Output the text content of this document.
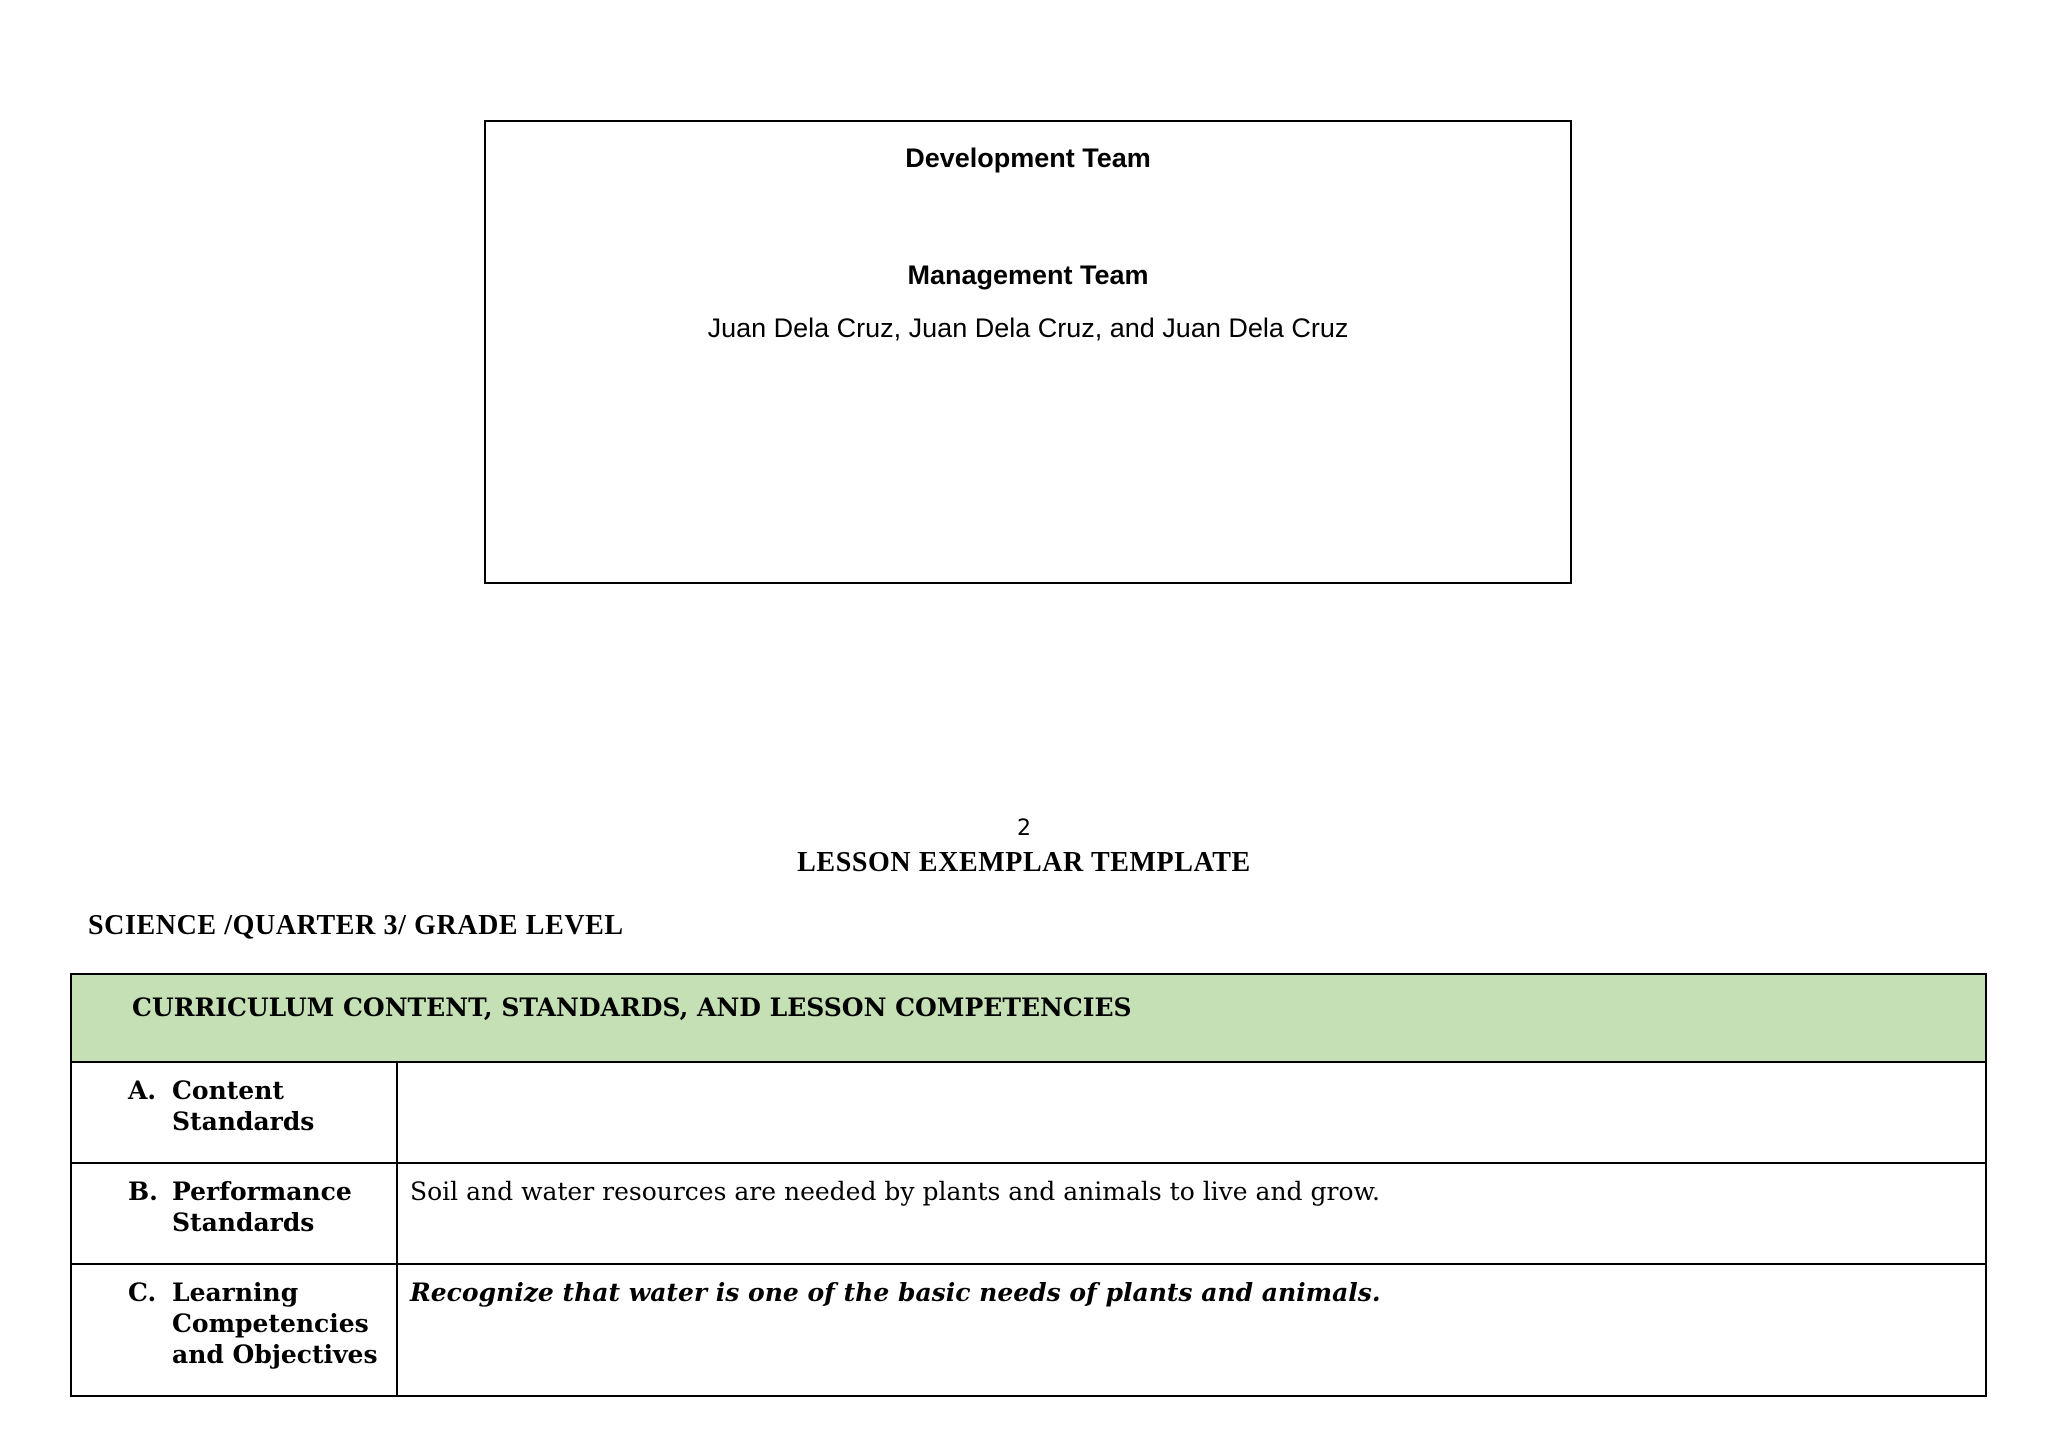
Development Team
Management Team
Juan Dela Cruz, Juan Dela Cruz, and Juan Dela Cruz
2
LESSON EXEMPLAR TEMPLATE
SCIENCE /QUARTER 3/ GRADE LEVEL
CURRICULUM CONTENT, STANDARDS, AND LESSON COMPETENCIES	

A. Content Standards	

B. Performance Standards	Soil and water resources are needed by plants and animals to live and grow.

C. Learning Competencies and Objectives	Recognize that water is one of the basic needs of plants and animals.
